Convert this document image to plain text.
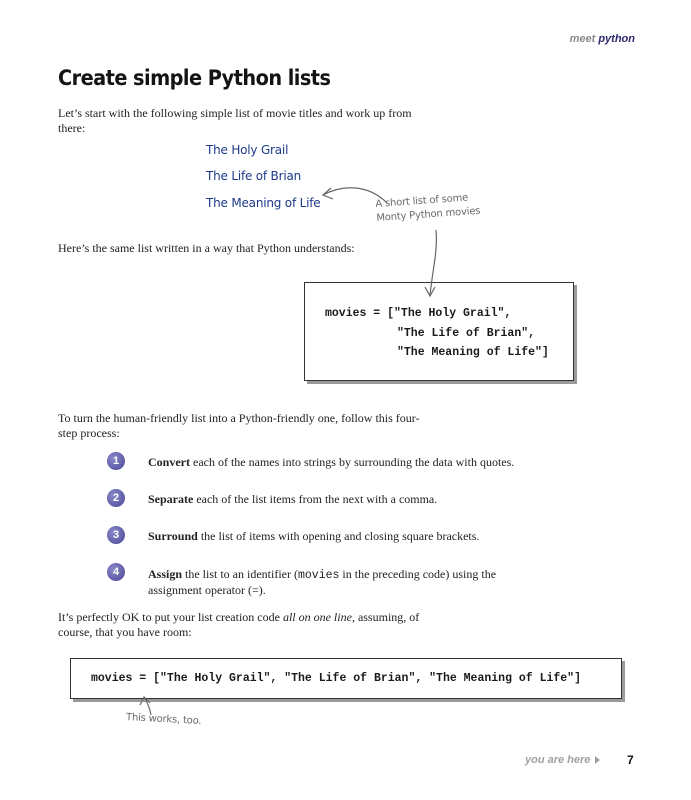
meet python
Create simple Python lists
Let’s start with the following simple list of movie titles and work up from there:
The Holy Grail
The Life of Brian
The Meaning of Life	A short list of some Monty Python movies
Here’s the same list written in a way that Python understands:
movies = ["The Holy Grail",
"The Life of Brian",
"The Meaning of Life"]
To turn the human-friendly list into a Python-friendly one, follow this four-step process:
1	Convert each of the names into strings by surrounding the data with quotes.
2	Separate each of the list items from the next with a comma.
3	Surround the list of items with opening and closing square brackets.
4	Assign the list to an identifier (movies in the preceding code) using the assignment operator (=).
It’s perfectly OK to put your list creation code all on one line, assuming, of course, that you have room:
movies = ["The Holy Grail", "The Life of Brian", "The Meaning of Life"]
This works, too.
you are here	7
